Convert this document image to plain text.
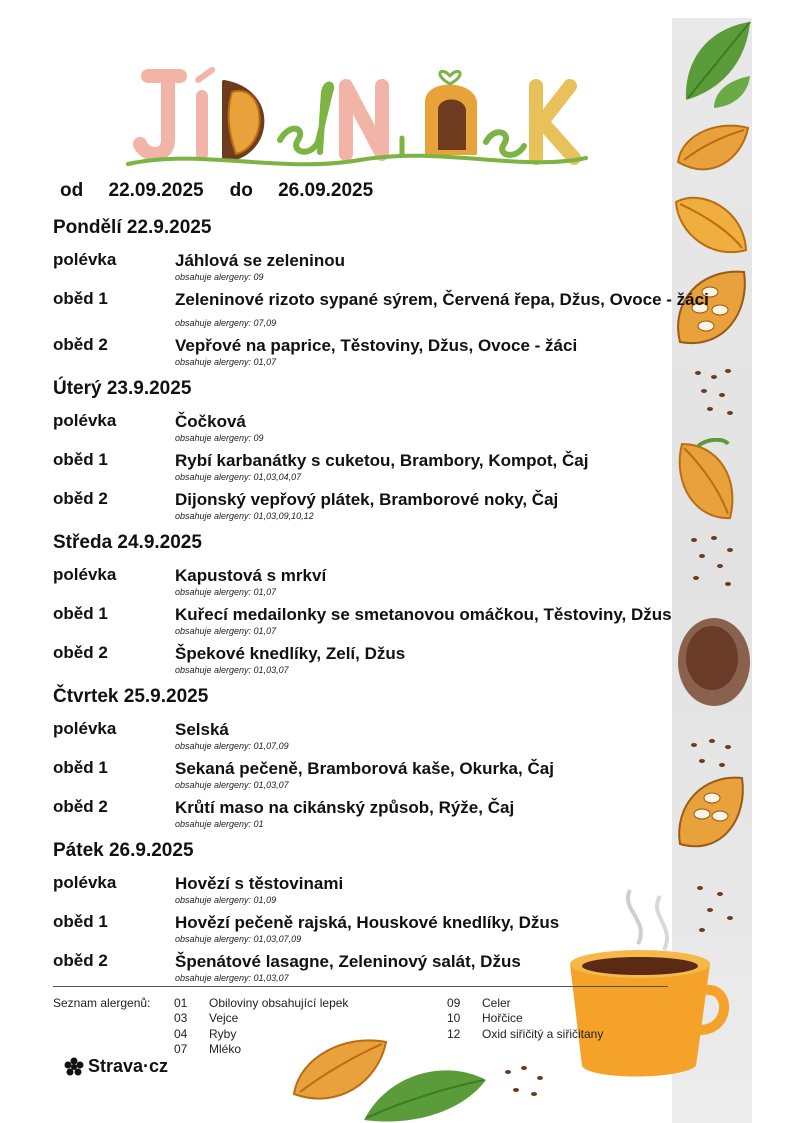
od 22.09.2025 do 26.09.2025
Pondělí 22.9.2025
polévka	Jáhlová se zeleninou
obsahuje alergeny: 09
oběd 1	Zeleninové rizoto sypané sýrem, Červená řepa, Džus, Ovoce - žáci
obsahuje alergeny: 07,09
oběd 2	Vepřové na paprice, Těstoviny, Džus, Ovoce - žáci
obsahuje alergeny: 01,07
Úterý 23.9.2025
polévka	Čočková
obsahuje alergeny: 09
oběd 1	Rybí karbanátky s cuketou, Brambory, Kompot, Čaj
obsahuje alergeny: 01,03,04,07
oběd 2	Dijonský vepřový plátek, Bramborové noky, Čaj
obsahuje alergeny: 01,03,09,10,12
Středa 24.9.2025
polévka	Kapustová s mrkví
obsahuje alergeny: 01,07
oběd 1	Kuřecí medailonky se smetanovou omáčkou, Těstoviny, Džus
obsahuje alergeny: 01,07
oběd 2	Špekové knedlíky, Zelí, Džus
obsahuje alergeny: 01,03,07
Čtvrtek 25.9.2025
polévka	Selská
obsahuje alergeny: 01,07,09
oběd 1	Sekaná pečeně, Bramborová kaše, Okurka, Čaj
obsahuje alergeny: 01,03,07
oběd 2	Krůtí maso na cikánský způsob, Rýže, Čaj
obsahuje alergeny: 01
Pátek 26.9.2025
polévka	Hovězí s těstovinami
obsahuje alergeny: 01,09
oběd 1	Hovězí pečeně rajská, Houskové knedlíky, Džus
obsahuje alergeny: 01,03,07,09
oběd 2	Špenátové lasagne, Zeleninový salát, Džus
obsahuje alergeny: 01,03,07
Seznam alergenů: 01 Obiloviny obsahující lepek
03 Vejce
04 Ryby
07 Mléko
09 Celer
10 Hořčice
12 Oxid siřičitý a siřičitany
Strava·cz
